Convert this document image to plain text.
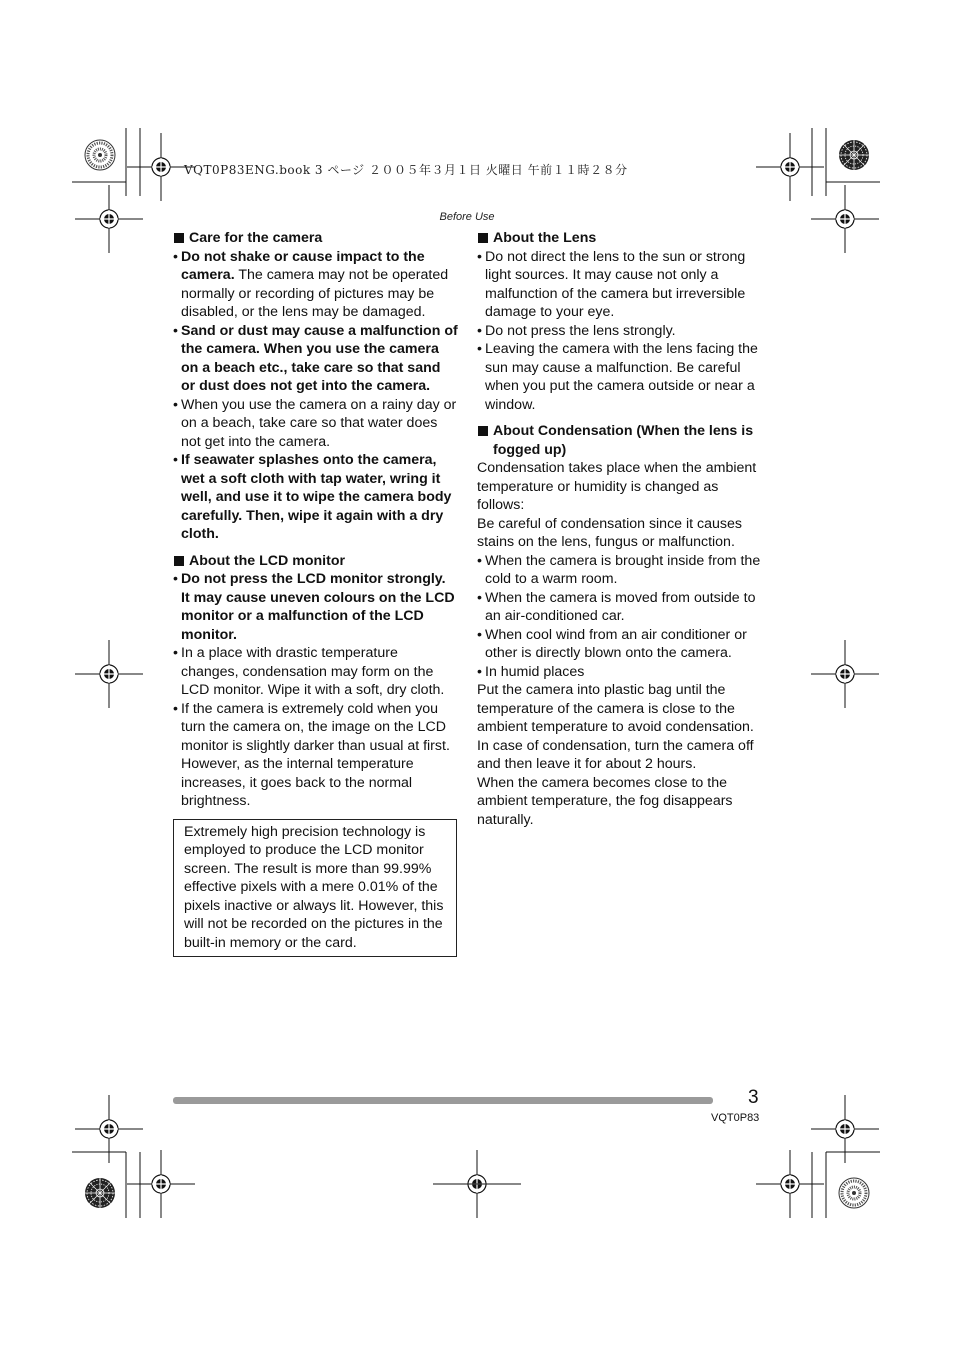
VQT0P83ENG.book 3 ページ ２００５年３月１日 火曜日 午前１１時２８分
Before Use
Care for the camera
• Do not shake or cause impact to the camera. The camera may not be operated normally or recording of pictures may be disabled, or the lens may be damaged.
• Sand or dust may cause a malfunction of the camera. When you use the camera on a beach etc., take care so that sand or dust does not get into the camera.
• When you use the camera on a rainy day or on a beach, take care so that water does not get into the camera.
• If seawater splashes onto the camera, wet a soft cloth with tap water, wring it well, and use it to wipe the camera body carefully. Then, wipe it again with a dry cloth.
About the LCD monitor
• Do not press the LCD monitor strongly. It may cause uneven colours on the LCD monitor or a malfunction of the LCD monitor.
• In a place with drastic temperature changes, condensation may form on the LCD monitor. Wipe it with a soft, dry cloth.
• If the camera is extremely cold when you turn the camera on, the image on the LCD monitor is slightly darker than usual at first. However, as the internal temperature increases, it goes back to the normal brightness.

Extremely high precision technology is employed to produce the LCD monitor screen. The result is more than 99.99% effective pixels with a mere 0.01% of the pixels inactive or always lit. However, this will not be recorded on the pictures in the built-in memory or the card.

About the Lens
• Do not direct the lens to the sun or strong light sources. It may cause not only a malfunction of the camera but irreversible damage to your eye.
• Do not press the lens strongly.
• Leaving the camera with the lens facing the sun may cause a malfunction. Be careful when you put the camera outside or near a window.
About Condensation (When the lens is fogged up)

Condensation takes place when the ambient temperature or humidity is changed as follows:

Be careful of condensation since it causes stains on the lens, fungus or malfunction.

• When the camera is brought inside from the cold to a warm room.
• When the camera is moved from outside to an air-conditioned car.
• When cool wind from an air conditioner or other is directly blown onto the camera.
• In humid places

Put the camera into plastic bag until the temperature of the camera is close to the ambient temperature to avoid condensation. In case of condensation, turn the camera off and then leave it for about 2 hours.

When the camera becomes close to the ambient temperature, the fog disappears naturally.

3
VQT0P83
